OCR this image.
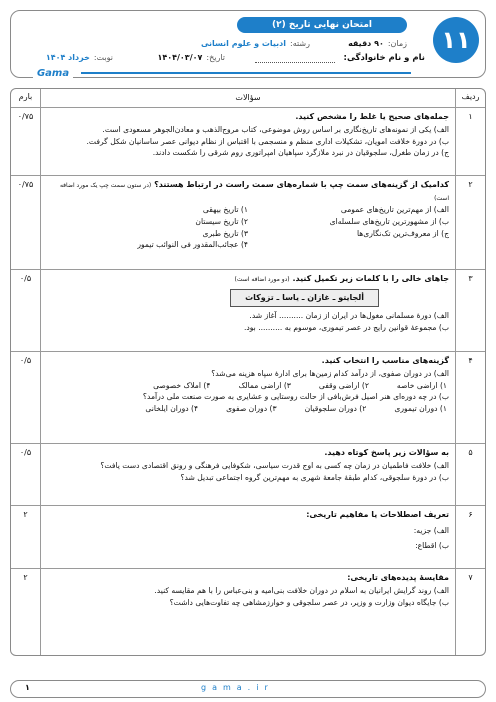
۱۱
امتحان نهایی تاریخ (۲)
زمان:
۹۰ دقیقه
رشته:
ادبیات و علوم انسانی
تاریخ:
۱۴۰۴/۰۳/۰۷
نوبت:
خرداد ۱۴۰۴	نام و نام خانوادگی:
Gama
ردیف
سؤالات
بارم
۱
جمله‌های صحیح یا غلط را مشخص کنید.
الف) یکی از نمونه‌های تاریخ‌نگاری بر اساس روش موضوعی، کتاب مروج‌الذهب و معادن‌الجوهر مسعودی است.
ب) در دورهٔ خلافت امویان، تشکیلات اداری منظم و منسجمی با اقتباس از نظام دیوانی عصر ساسانیان شکل گرفت.
ج) در زمان طغرل، سلجوقیان در نبرد ملازگرد سپاهیان امپراتوری روم شرقی را شکست دادند.
۰/۷۵
۲
کدامیک از گزینه‌های سمت چپ با شماره‌های سمت راست در ارتباط هستند؟ (در ستون سمت چپ یک مورد اضافه است)
الف) از مهم‌ترین تاریخ‌های عمومی
ب) از مشهورترین تاریخ‌های سلسله‌ای
ج) از معروف‌ترین تک‌نگاری‌ها
۱) تاریخ بیهقی
۲) تاریخ سیستان
۳) تاریخ طبری
۴) عجائب‌المقدور فی النوائب تیمور
۰/۷۵
۳
جاهای خالی را با کلمات زیر تکمیل کنید. (دو مورد اضافه است)
ألجایتو ـ غازان ـ یاسا ـ تزوکات
الف) دورهٔ مسلمانی مغول‌ها در ایران از زمان .......... آغاز شد.
ب) مجموعهٔ قوانین رایج در عصر تیموری، موسوم به .......... بود.
۰/۵
۴
گزینه‌های مناسب را انتخاب کنید.
الف) در دوران صفوی، از درآمد کدام زمین‌ها برای ادارهٔ سپاه هزینه می‌شد؟
۱) اراضی خاصه
۲) اراضی وقفی
۳) اراضی ممالک
۴) املاک خصوصی
ب) در چه دوره‌ای هنر اصیل فرش‌بافی از حالت روستایی و عشایری به صورت صنعت ملی درآمد؟
۱) دوران تیموری
۲) دوران سلجوقیان
۳) دوران صفوی
۴) دوران ایلخانی
۰/۵
۵
به سؤالات زیر پاسخ کوتاه دهید.
الف) خلافت فاطمیان در زمان چه کسی به اوج قدرت سیاسی، شکوفایی فرهنگی و رونق اقتصادی دست یافت؟
ب) در دورهٔ سلجوقی، کدام طبقهٔ جامعهٔ شهری به مهم‌ترین گروه اجتماعی تبدیل شد؟
۰/۵
۶
تعریف اصطلاحات یا مفاهیم تاریخی:
الف) جزیه:
ب) اقطاع:
۲
۷
مقایسهٔ پدیده‌های تاریخی:
الف) روند گرایش ایرانیان به اسلام در دوران خلافت بنی‌امیه و بنی‌عباس را با هم مقایسه کنید.
ب) جایگاه دیوان وزارت و وزیر، در عصر سلجوقی و خوارزمشاهی چه تفاوت‌هایی داشت؟
۲
gama.ir
۱
